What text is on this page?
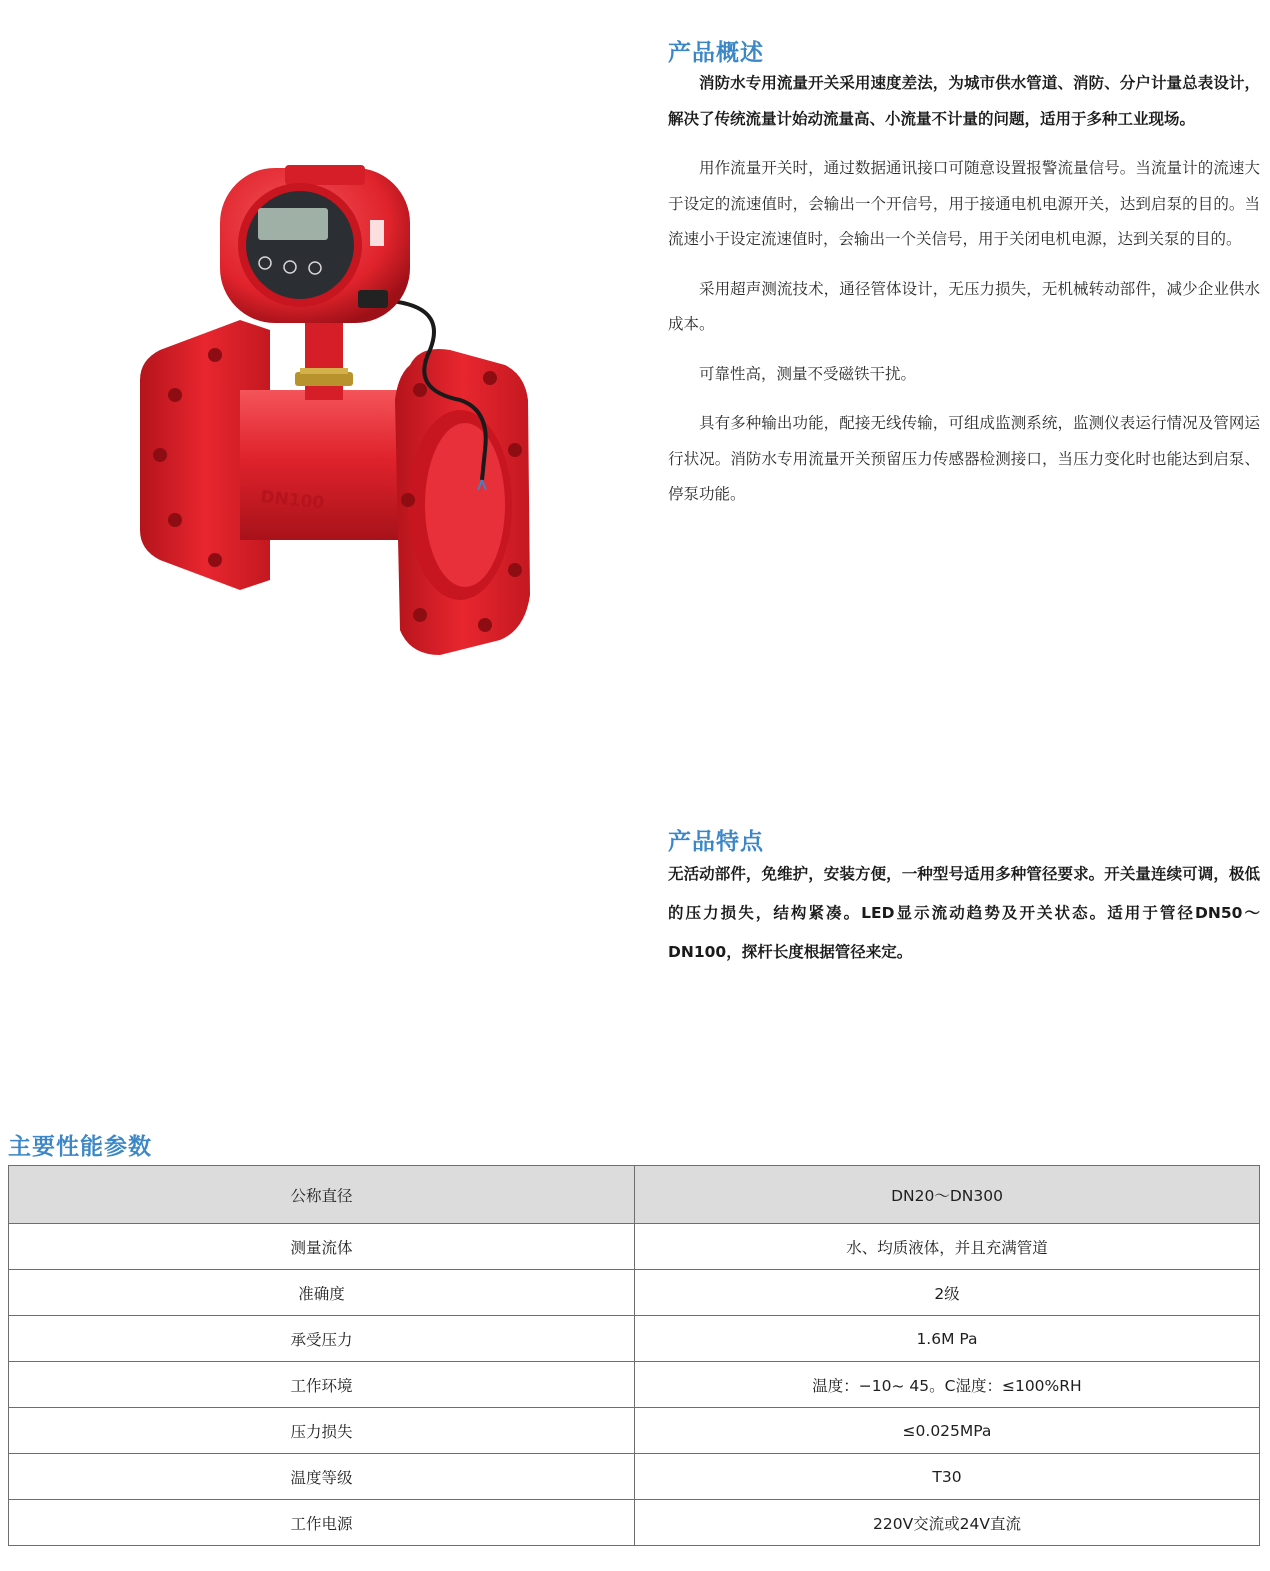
DN100
产品概述

消防水专用流量开关采用速度差法，为城市供水管道、消防、分户计量总表设计，解决了传统流量计始动流量高、小流量不计量的问题，适用于多种工业现场。

用作流量开关时，通过数据通讯接口可随意设置报警流量信号。当流量计的流速大于设定的流速值时，会输出一个开信号，用于接通电机电源开关，达到启泵的目的。当流速小于设定流速值时，会输出一个关信号，用于关闭电机电源，达到关泵的目的。

采用超声测流技术，通径管体设计，无压力损失，无机械转动部件，减少企业供水成本。

可靠性高，测量不受磁铁干扰。

具有多种输出功能，配接无线传输，可组成监测系统，监测仪表运行情况及管网运行状况。消防水专用流量开关预留压力传感器检测接口，当压力变化时也能达到启泵、停泵功能。

产品特点

无活动部件，免维护，安装方便，一种型号适用多种管径要求。开关量连续可调，极低的压力损失，结构紧凑。LED显示流动趋势及开关状态。适用于管径DN50～DN100，探杆长度根据管径来定。

主要性能参数
公称直径	DN20～DN300
测量流体	水、均质液体，并且充满管道
准确度	2级
承受压力	1.6M Pa
工作环境	温度：−10~ 45。C湿度：≤100%RH
压力损失	≤0.025MPa
温度等级	T30
工作电源	220V交流或24V直流
